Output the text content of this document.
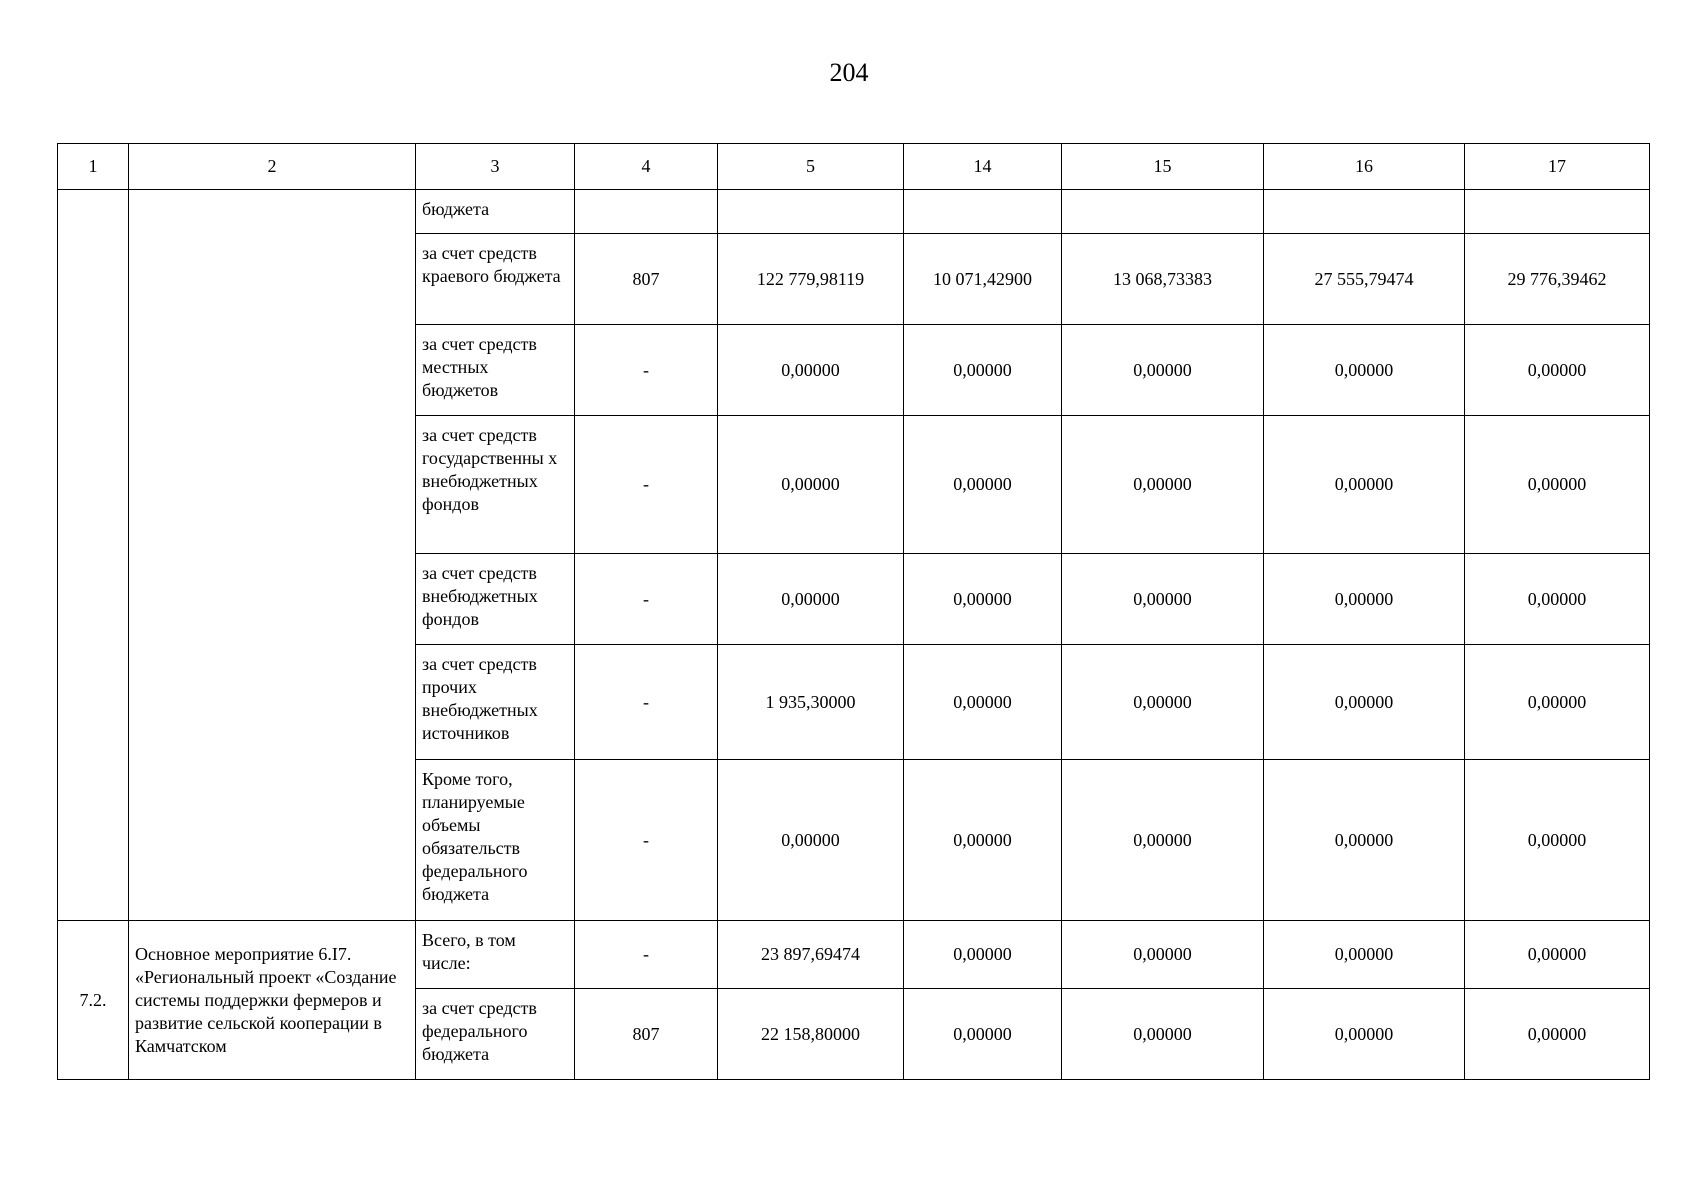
204
1	2	3	4	5	14	15	16	17
		бюджета						
		за счет средств краевого бюджета	807	122 779,98119	10 071,42900	13 068,73383	27 555,79474	29 776,39462
		за счет средств местных бюджетов	-	0,00000	0,00000	0,00000	0,00000	0,00000
		за счет средств государственны х внебюджетных фондов	-	0,00000	0,00000	0,00000	0,00000	0,00000
		за счет средств внебюджетных фондов	-	0,00000	0,00000	0,00000	0,00000	0,00000
		за счет средств прочих внебюджетных источников	-	1 935,30000	0,00000	0,00000	0,00000	0,00000
		Кроме того, планируемые объемы обязательств федерального бюджета	-	0,00000	0,00000	0,00000	0,00000	0,00000
7.2.	Основное мероприятие 6.I7. «Региональный проект «Создание системы поддержки фермеров и развитие сельской кооперации в Камчатском	Всего, в том числе:	-	23 897,69474	0,00000	0,00000	0,00000	0,00000
		за счет средств федерального бюджета	807	22 158,80000	0,00000	0,00000	0,00000	0,00000
